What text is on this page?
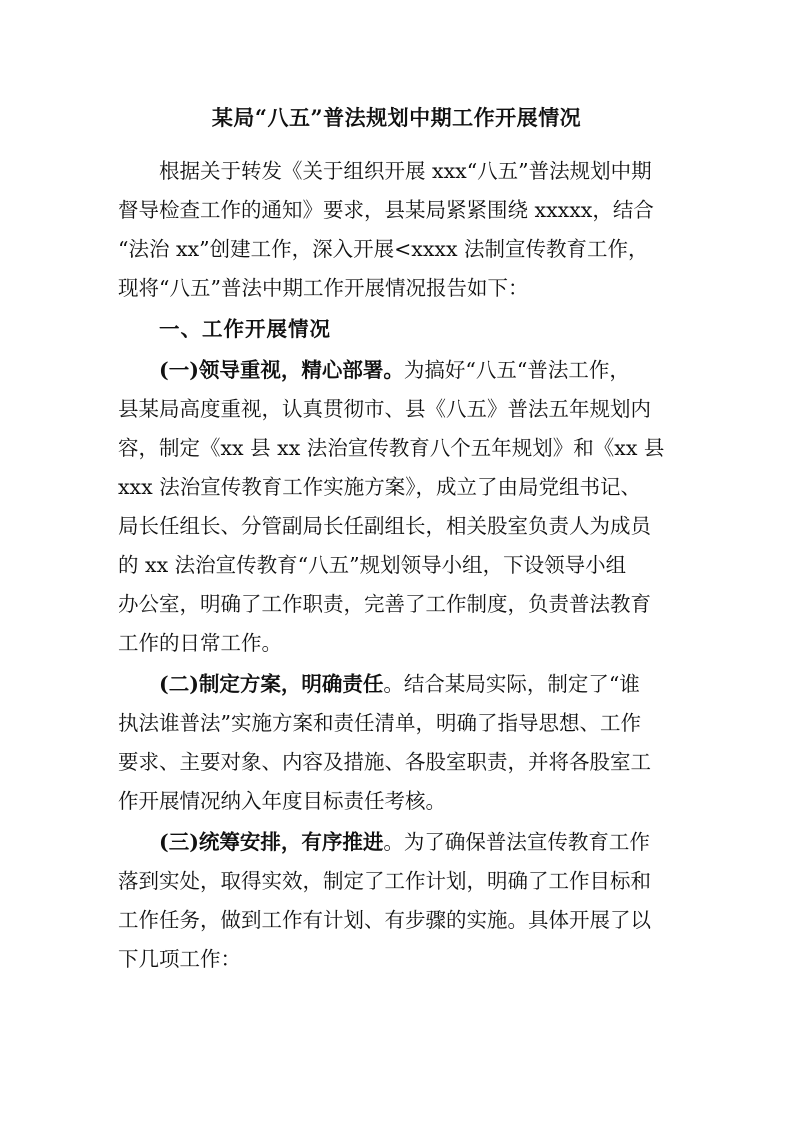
某局“八五”普法规划中期工作开展情况
根据关于转发《关于组织开展 xxx“八五”普法规划中期
督导检查工作的通知》要求，县某局紧紧围绕 xxxxx，结合
“法治 xx”创建工作，深入开展<xxxx 法制宣传教育工作，
现将“八五”普法中期工作开展情况报告如下：
一、工作开展情况
(一)领导重视，精心部署。为搞好“八五“普法工作，
县某局高度重视，认真贯彻市、县《八五》普法五年规划内
容，制定《xx 县 xx 法治宣传教育八个五年规划》和《xx 县
xxx 法治宣传教育工作实施方案》，成立了由局党组书记、
局长任组长、分管副局长任副组长，相关股室负责人为成员
的 xx 法治宣传教育“八五”规划领导小组，下设领导小组
办公室，明确了工作职责，完善了工作制度，负责普法教育
工作的日常工作。
(二)制定方案，明确责任。结合某局实际，制定了“谁
执法谁普法”实施方案和责任清单，明确了指导思想、工作
要求、主要对象、内容及措施、各股室职责，并将各股室工
作开展情况纳入年度目标责任考核。
(三)统筹安排，有序推进。为了确保普法宣传教育工作
落到实处，取得实效，制定了工作计划，明确了工作目标和
工作任务，做到工作有计划、有步骤的实施。具体开展了以
下几项工作：
